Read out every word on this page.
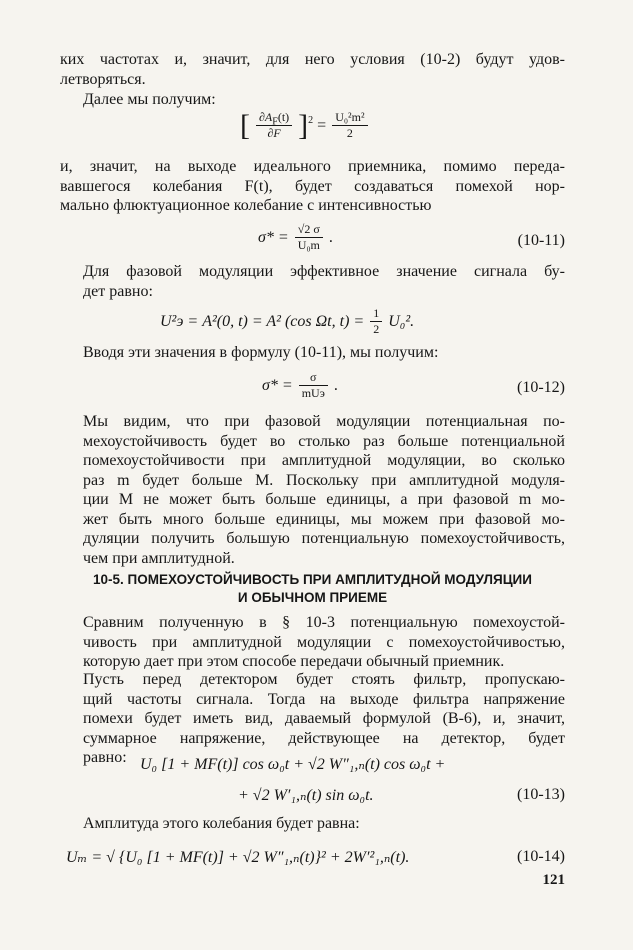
ких частотах и, значит, для него условия (10-2) будут удов-
летворяться.
Далее мы получим:
[ $\frac{\partial A_F(t)}{\partial F} ]^2 = \frac{\text{U₀²m²}}{2}$
и, значит, на выходе идеального приемника, помимо переда-
вавшегося колебания F(t), будет создаваться помехой нор-
мально флюктуационное колебание с интенсивностью
$\sigma* = \frac{√2 \sigma}{\text{U₀m}}$ .	(10-11)
Для фазовой модуляции эффективное значение сигнала бу-
дет равно:
U²э = A²(0, t) = A² (cos Ωt, $t) = \frac{1}{2} U_0^2$.
Вводя эти значения в формулу (10-11), мы получим:
$\sigma* = \frac{\sigma}{\text{mUэ}}$ .	(10-12)
Мы видим, что при фазовой модуляции потенциальная по-
мехоустойчивость будет во столько раз больше потенциальной
помехоустойчивости при амплитудной модуляции, во сколько
раз m будет больше M. Поскольку при амплитудной модуля-
ции M не может быть больше единицы, а при фазовой m мо-
жет быть много больше единицы, мы можем при фазовой мо-
дуляции получить большую потенциальную помехоустойчивость,
чем при амплитудной.
10-5. ПОМЕХОУСТОЙЧИВОСТЬ ПРИ АМПЛИТУДНОЙ МОДУЛЯЦИИ
И ОБЫЧНОМ ПРИЕМЕ
Сравним полученную в § 10-3 потенциальную помехоустой-
чивость при амплитудной модуляции с помехоустойчивостью,
которую дает при этом способе передачи обычный приемник.
Пусть перед детектором будет стоять фильтр, пропускаю-
щий частоты сигнала. Тогда на выходе фильтра напряжение
помехи будет иметь вид, даваемый формулой (В-6), и, значит,
суммарное напряжение, действующее на детектор, будет
равно: U₀ [1 + MF(t)] cos ω₀t + √2 W″₁,ₙ(t) cos ω₀t +
+ √2 W′₁,ₙ(t) sin ω₀t.	(10-13)
Амплитуда этого колебания будет равна:
Uₘ = √ {U₀ [1 + MF(t)] + √2 W″₁,ₙ(t)}² + 2W′²₁,ₙ(t).	(10-14)
121
